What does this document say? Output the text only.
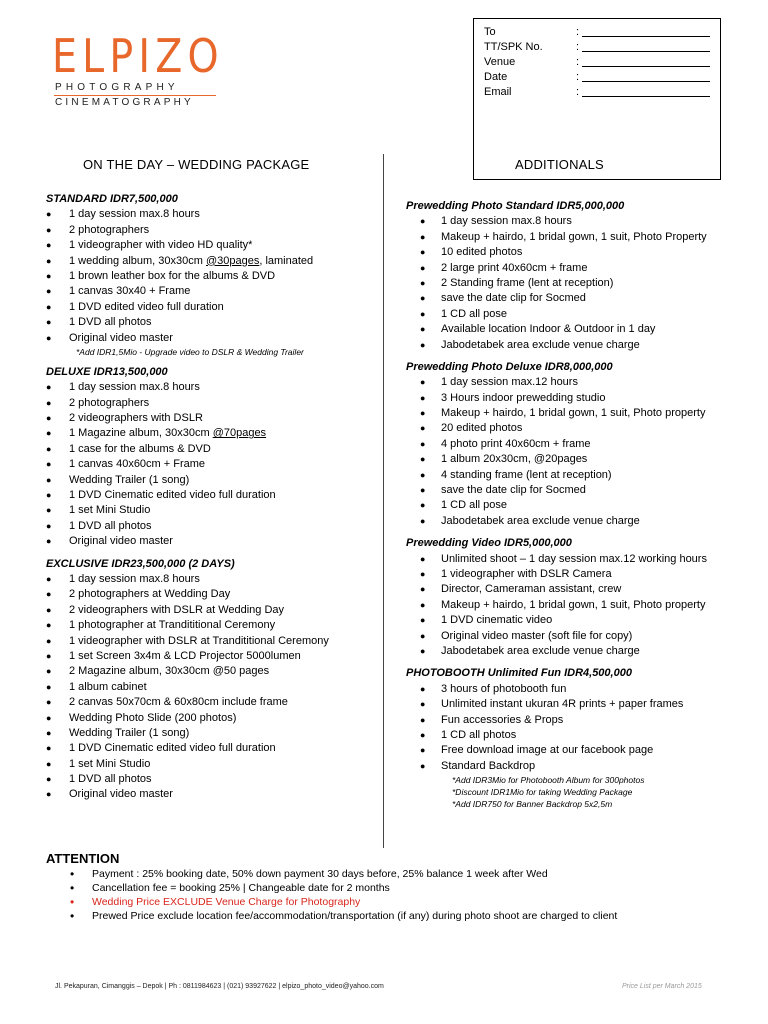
ELPIZO
PHOTOGRAPHY
CINEMATOGRAPHY
To	:
TT/SPK No.	:
Venue	:
Date	:
Email	:
ON THE DAY – WEDDING PACKAGE	ADDITIONALS
STANDARD IDR7,500,000
● 1 day session max.8 hours
● 2 photographers
● 1 videographer with video HD quality*
● 1 wedding album, 30x30cm @30pages, laminated
● 1 brown leather box for the albums & DVD
● 1 canvas 30x40 + Frame
● 1 DVD edited video full duration
● 1 DVD all photos
● Original video master
*Add IDR1,5Mio - Upgrade video to DSLR & Wedding Trailer
DELUXE IDR13,500,000
● 1 day session max.8 hours
● 2 photographers
● 2 videographers with DSLR
● 1 Magazine album, 30x30cm @70pages
● 1 case for the albums & DVD
● 1 canvas 40x60cm + Frame
● Wedding Trailer (1 song)
● 1 DVD Cinematic edited video full duration
● 1 set Mini Studio
● 1 DVD all photos
● Original video master
EXCLUSIVE IDR23,500,000 (2 DAYS)
● 1 day session max.8 hours
● 2 photographers at Wedding Day
● 2 videographers with DSLR at Wedding Day
● 1 photographer at Trandititional Ceremony
● 1 videographer with DSLR at Trandititional Ceremony
● 1 set Screen 3x4m & LCD Projector 5000lumen
● 2 Magazine album, 30x30cm @50 pages
● 1 album cabinet
● 2 canvas 50x70cm & 60x80cm include frame
● Wedding Photo Slide (200 photos)
● Wedding Trailer (1 song)
● 1 DVD Cinematic edited video full duration
● 1 set Mini Studio
● 1 DVD all photos
● Original video master
Prewedding Photo Standard IDR5,000,000
● 1 day session max.8 hours
● Makeup + hairdo, 1 bridal gown, 1 suit, Photo Property
● 10 edited photos
● 2 large print 40x60cm + frame
● 2 Standing frame (lent at reception)
● save the date clip for Socmed
● 1 CD all pose
● Available location Indoor & Outdoor in 1 day
● Jabodetabek area exclude venue charge
Prewedding Photo Deluxe IDR8,000,000
● 1 day session max.12 hours
● 3 Hours indoor prewedding studio
● Makeup + hairdo, 1 bridal gown, 1 suit, Photo property
● 20 edited photos
● 4 photo print 40x60cm + frame
● 1 album 20x30cm, @20pages
● 4 standing frame (lent at reception)
● save the date clip for Socmed
● 1 CD all pose
● Jabodetabek area exclude venue charge
Prewedding Video IDR5,000,000
● Unlimited shoot – 1 day session max.12 working hours
● 1 videographer with DSLR Camera
● Director, Cameraman assistant, crew
● Makeup + hairdo, 1 bridal gown, 1 suit, Photo property
● 1 DVD cinematic video
● Original video master (soft file for copy)
● Jabodetabek area exclude venue charge
PHOTOBOOTH Unlimited Fun IDR4,500,000
● 3 hours of photobooth fun
● Unlimited instant ukuran 4R prints + paper frames
● Fun accessories & Props
● 1 CD all photos
● Free download image at our facebook page
● Standard Backdrop
*Add IDR3Mio for Photobooth Album for 300photos
*Discount IDR1Mio for taking Wedding Package
*Add IDR750 for Banner Backdrop 5x2,5m
ATTENTION
• Payment : 25% booking date, 50% down payment 30 days before, 25% balance 1 week after Wed
• Cancellation fee = booking 25% | Changeable date for 2 months
• Wedding Price EXCLUDE Venue Charge for Photography
• Prewed Price exclude location fee/accommodation/transportation (if any) during photo shoot are charged to client
Jl. Pekapuran, Cimanggis – Depok | Ph : 0811984623 | (021) 93927622 | elpizo_photo_video@yahoo.com	Price List per March 2015
